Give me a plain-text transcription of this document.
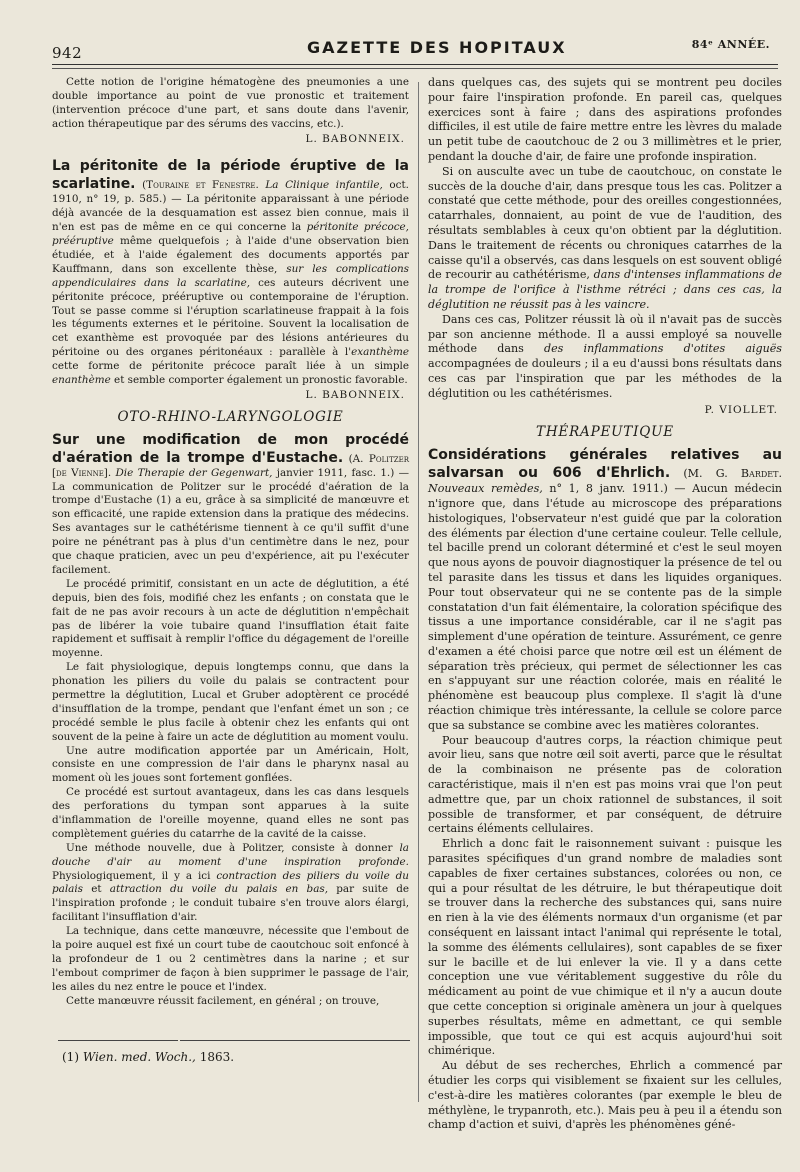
942	GAZETTE DES HOPITAUX	84ᵉ ANNÉE.

Cette notion de l'origine hématogène des pneumonies a une double importance au point de vue pronostic et traitement (intervention précoce d'une part, et sans doute dans l'avenir, action thérapeutique par des sérums des vaccins, etc.).

L. BABONNEIX.

La péritonite de la période éruptive de la scarlatine. (Touraine et Fenestre. La Clinique infantile, oct. 1910, n° 19, p. 585.) — La péritonite apparaissant à une période déjà avancée de la desquamation est assez bien connue, mais il n'en est pas de même en ce qui concerne la péritonite précoce, prééruptive même quelquefois ; à l'aide d'une observation bien étudiée, et à l'aide également des documents apportés par Kauffmann, dans son excellente thèse, sur les complications appendiculaires dans la scarlatine, ces auteurs décrivent une péritonite précoce, prééruptive ou contemporaine de l'éruption. Tout se passe comme si l'éruption scarlatineuse frappait à la fois les téguments externes et le péritoine. Souvent la localisation de cet exanthème est provoquée par des lésions antérieures du péritoine ou des organes péritonéaux : parallèle à l'exanthème cette forme de péritonite précoce paraît liée à un simple enanthème et semble comporter également un pronostic favorable.

L. BABONNEIX.
OTO-RHINO-LARYNGOLOGIE

Sur une modification de mon procédé d'aération de la trompe d'Eustache. (A. Politzer [de Vienne]. Die Therapie der Gegenwart, janvier 1911, fasc. 1.) — La communication de Politzer sur le procédé d'aération de la trompe d'Eustache (1) a eu, grâce à sa simplicité de manœuvre et son efficacité, une rapide extension dans la pratique des médecins. Ses avantages sur le cathétérisme tiennent à ce qu'il suffit d'une poire ne pénétrant pas à plus d'un centimètre dans le nez, pour que chaque praticien, avec un peu d'expérience, ait pu l'exécuter facilement.

Le procédé primitif, consistant en un acte de déglutition, a été depuis, bien des fois, modifié chez les enfants ; on constata que le fait de ne pas avoir recours à un acte de déglutition n'empêchait pas de libérer la voie tubaire quand l'insufflation était faite rapidement et suffisait à remplir l'office du dégagement de l'oreille moyenne.

Le fait physiologique, depuis longtemps connu, que dans la phonation les piliers du voile du palais se contractent pour permettre la déglutition, Lucal et Gruber adoptèrent ce procédé d'insufflation de la trompe, pendant que l'enfant émet un son ; ce procédé semble le plus facile à obtenir chez les enfants qui ont souvent de la peine à faire un acte de déglutition au moment voulu.

Une autre modification apportée par un Américain, Holt, consiste en une compression de l'air dans le pharynx nasal au moment où les joues sont fortement gonflées.

Ce procédé est surtout avantageux, dans les cas dans lesquels des perforations du tympan sont apparues à la suite d'inflammation de l'oreille moyenne, quand elles ne sont pas complètement guéries du catarrhe de la cavité de la caisse.

Une méthode nouvelle, due à Politzer, consiste à donner la douche d'air au moment d'une inspiration profonde. Physiologiquement, il y a ici contraction des piliers du voile du palais et attraction du voile du palais en bas, par suite de l'inspiration profonde ; le conduit tubaire s'en trouve alors élargi, facilitant l'insufflation d'air.

La technique, dans cette manœuvre, nécessite que l'embout de la poire auquel est fixé un court tube de caoutchouc soit enfoncé à la profondeur de 1 ou 2 centimètres dans la narine ; et sur l'embout comprimer de façon à bien supprimer le passage de l'air, les ailes du nez entre le pouce et l'index.

Cette manœuvre réussit facilement, en général ; on trouve,

dans quelques cas, des sujets qui se montrent peu dociles pour faire l'inspiration profonde. En pareil cas, quelques exercices sont à faire ; dans des aspirations profondes difficiles, il est utile de faire mettre entre les lèvres du malade un petit tube de caoutchouc de 2 ou 3 millimètres et le prier, pendant la douche d'air, de faire une profonde inspiration.

Si on ausculte avec un tube de caoutchouc, on constate le succès de la douche d'air, dans presque tous les cas. Politzer a constaté que cette méthode, pour des oreilles congestionnées, catarrhales, donnaient, au point de vue de l'audition, des résultats semblables à ceux qu'on obtient par la déglutition. Dans le traitement de récents ou chroniques catarrhes de la caisse qu'il a observés, cas dans lesquels on est souvent obligé de recourir au cathétérisme, dans d'intenses inflammations de la trompe de l'orifice à l'isthme rétréci ; dans ces cas, la déglutition ne réussit pas à les vaincre.

Dans ces cas, Politzer réussit là où il n'avait pas de succès par son ancienne méthode. Il a aussi employé sa nouvelle méthode dans des inflammations d'otites aiguës accompagnées de douleurs ; il a eu d'aussi bons résultats dans ces cas par l'inspiration que par les méthodes de la déglutition ou les cathétérismes.

P. VIOLLET.
THÉRAPEUTIQUE

Considérations générales relatives au salvarsan ou 606 d'Ehrlich. (M. G. Bardet. Nouveaux remèdes, n° 1, 8 janv. 1911.) — Aucun médecin n'ignore que, dans l'étude au microscope des préparations histologiques, l'observateur n'est guidé que par la coloration des éléments par élection d'une certaine couleur. Telle cellule, tel bacille prend un colorant déterminé et c'est le seul moyen que nous ayons de pouvoir diagnostiquer la présence de tel ou tel parasite dans les tissus et dans les liquides organiques. Pour tout observateur qui ne se contente pas de la simple constatation d'un fait élémentaire, la coloration spécifique des tissus a une importance considérable, car il ne s'agit pas simplement d'une opération de teinture. Assurément, ce genre d'examen a été choisi parce que notre œil est un élément de séparation très précieux, qui permet de sélectionner les cas en s'appuyant sur une réaction colorée, mais en réalité le phénomène est beaucoup plus complexe. Il s'agit là d'une réaction chimique très intéressante, la cellule se colore parce que sa substance se combine avec les matières colorantes.

Pour beaucoup d'autres corps, la réaction chimique peut avoir lieu, sans que notre œil soit averti, parce que le résultat de la combinaison ne présente pas de coloration caractéristique, mais il n'en est pas moins vrai que l'on peut admettre que, par un choix rationnel de substances, il soit possible de transformer, et par conséquent, de détruire certains éléments cellulaires.

Ehrlich a donc fait le raisonnement suivant : puisque les parasites spécifiques d'un grand nombre de maladies sont capables de fixer certaines substances, colorées ou non, ce qui a pour résultat de les détruire, le but thérapeutique doit se trouver dans la recherche des substances qui, sans nuire en rien à la vie des éléments normaux d'un organisme (et par conséquent en laissant intact l'animal qui représente le total, la somme des éléments cellulaires), sont capables de se fixer sur le bacille et de lui enlever la vie. Il y a dans cette conception une vue véritablement suggestive du rôle du médicament au point de vue chimique et il n'y a aucun doute que cette conception si originale amènera un jour à quelques superbes résultats, même en admettant, ce qui semble impossible, que tout ce qui est acquis aujourd'hui soit chimérique.

Au début de ses recherches, Ehrlich a commencé par étudier les corps qui visiblement se fixaient sur les cellules, c'est-à-dire les matières colorantes (par exemple le bleu de méthylène, le trypanroth, etc.). Mais peu à peu il a étendu son champ d'action et suivi, d'après les phénomènes géné-

(1) Wien. med. Woch., 1863.
